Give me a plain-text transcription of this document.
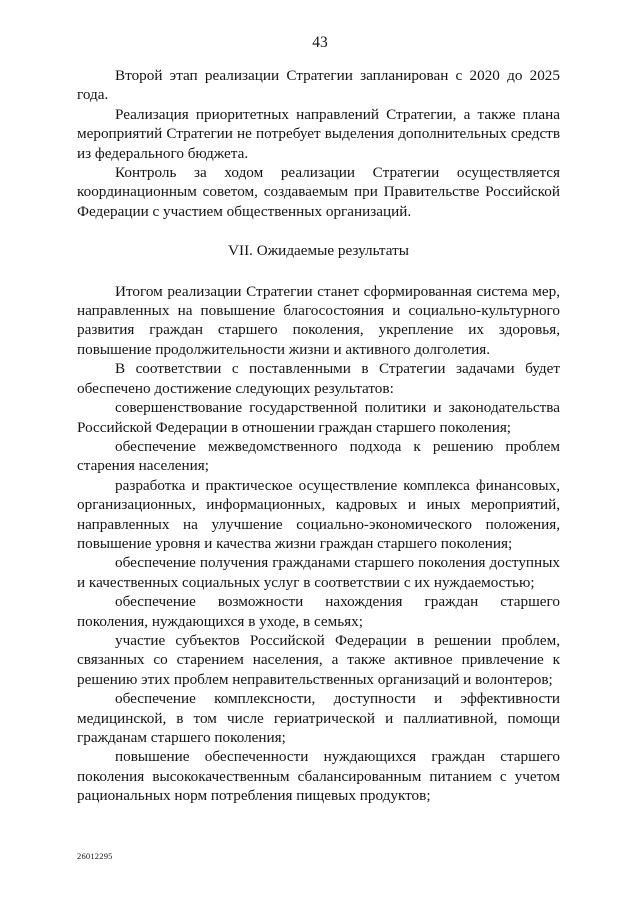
43

Второй этап реализации Стратегии запланирован с 2020 до 2025 года.

Реализация приоритетных направлений Стратегии, а также плана мероприятий Стратегии не потребует выделения дополнительных средств из федерального бюджета.

Контроль за ходом реализации Стратегии осуществляется координационным советом, создаваемым при Правительстве Российской Федерации с участием общественных организаций.

VII. Ожидаемые результаты

Итогом реализации Стратегии станет сформированная система мер, направленных на повышение благосостояния и социально-культурного развития граждан старшего поколения, укрепление их здоровья, повышение продолжительности жизни и активного долголетия.

В соответствии с поставленными в Стратегии задачами будет обеспечено достижение следующих результатов:

совершенствование государственной политики и законодательства Российской Федерации в отношении граждан старшего поколения;

обеспечение межведомственного подхода к решению проблем старения населения;

разработка и практическое осуществление комплекса финансовых, организационных, информационных, кадровых и иных мероприятий, направленных на улучшение социально-экономического положения, повышение уровня и качества жизни граждан старшего поколения;

обеспечение получения гражданами старшего поколения доступных и качественных социальных услуг в соответствии с их нуждаемостью;

обеспечение возможности нахождения граждан старшего поколения, нуждающихся в уходе, в семьях;

участие субъектов Российской Федерации в решении проблем, связанных со старением населения, а также активное привлечение к решению этих проблем неправительственных организаций и волонтеров;

обеспечение комплексности, доступности и эффективности медицинской, в том числе гериатрической и паллиативной, помощи гражданам старшего поколения;

повышение обеспеченности нуждающихся граждан старшего поколения высококачественным сбалансированным питанием с учетом рациональных норм потребления пищевых продуктов;

26012295
